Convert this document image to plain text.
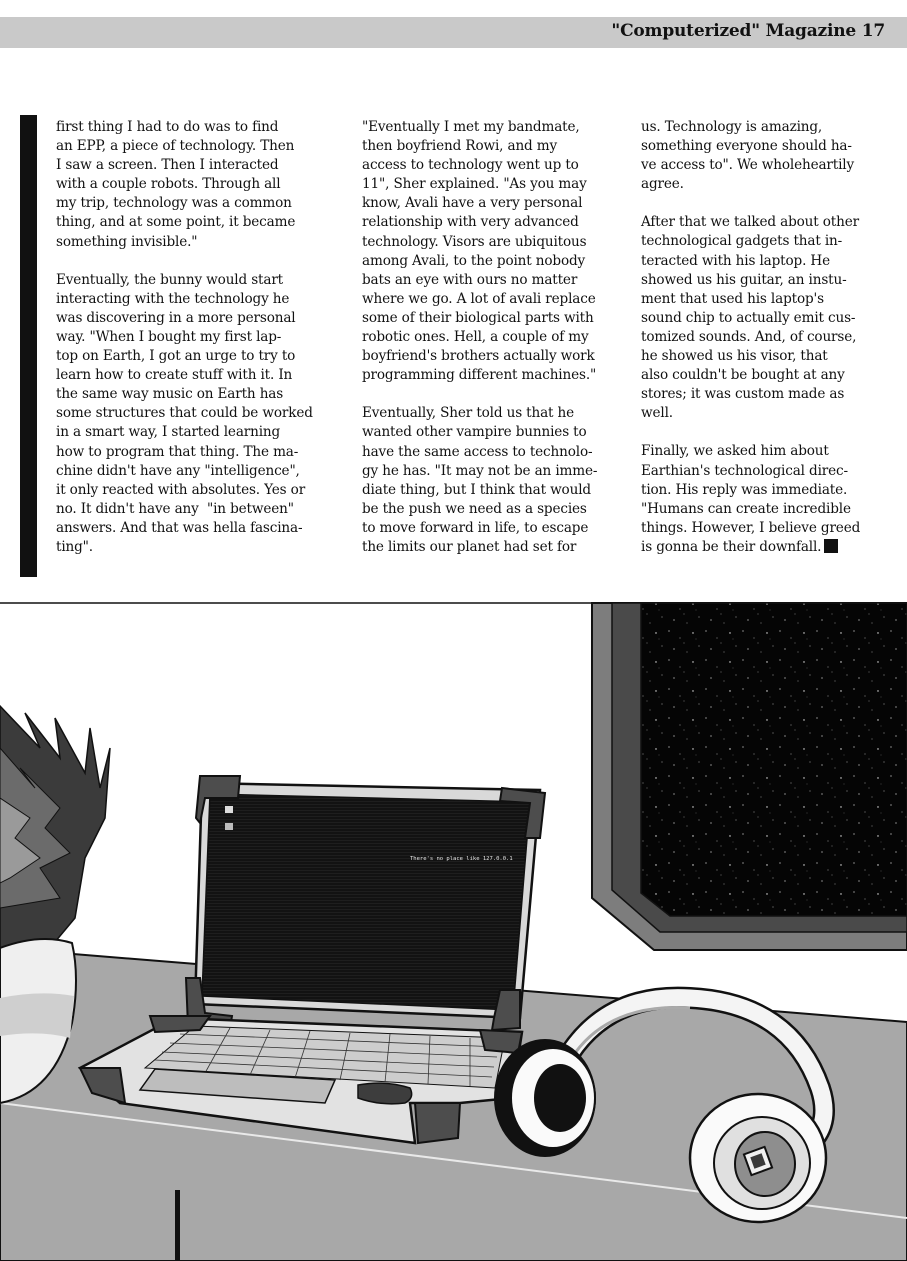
"Computerized" Magazine 17

first thing I had to do was to find
an EPP, a piece of technology. Then
I saw a screen. Then I interacted
with a couple robots. Through all
my trip, technology was a common
thing, and at some point, it became
something invisible."

Eventually, the bunny would start
interacting with the technology he
was discovering in a more personal
way. "When I bought my first lap-
top on Earth, I got an urge to try to
learn how to create stuff with it. In
the same way music on Earth has
some structures that could be worked
in a smart way, I started learning
how to program that thing. The ma-
chine didn't have any "intelligence",
it only reacted with absolutes. Yes or
no. It didn't have any  "in between"
answers. And that was hella fascina-
ting".

"Eventually I met my bandmate,
then boyfriend Rowi, and my
access to technology went up to
11", Sher explained. "As you may
know, Avali have a very personal
relationship with very advanced
technology. Visors are ubiquitous
among Avali, to the point nobody
bats an eye with ours no matter
where we go. A lot of avali replace
some of their biological parts with
robotic ones. Hell, a couple of my
boyfriend's brothers actually work
programming different machines."

Eventually, Sher told us that he
wanted other vampire bunnies to
have the same access to technolo-
gy he has. "It may not be an imme-
diate thing, but I think that would
be the push we need as a species
to move forward in life, to escape
the limits our planet had set for

us. Technology is amazing,
something everyone should ha-
ve access to". We wholeheartily
agree.

After that we talked about other
technological gadgets that in-
teracted with his laptop. He
showed us his guitar, an instu-
ment that used his laptop's
sound chip to actually emit cus-
tomized sounds. And, of course,
he showed us his visor, that
also couldn't be bought at any
stores; it was custom made as
well.

Finally, we asked him about
Earthian's technological direc-
tion. His reply was immediate.
"Humans can create incredible
things. However, I believe greed
is gonna be their downfall.

There's no place like 127.0.0.1
